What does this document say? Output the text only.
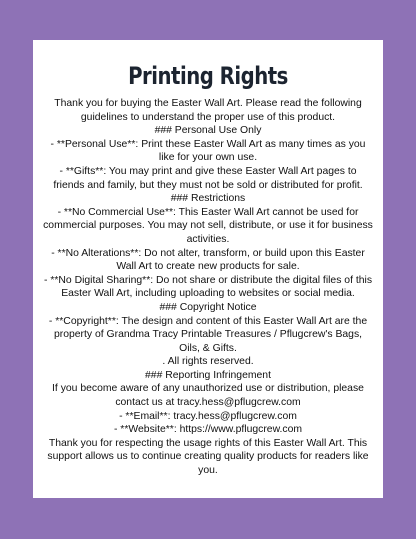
Printing Rights

Thank you for buying the Easter Wall Art. Please read the following guidelines to understand the proper use of this product.

### Personal Use Only

- **Personal Use**: Print these Easter Wall Art as many times as you like for your own use.

- **Gifts**: You may print and give these Easter Wall Art pages to friends and family, but they must not be sold or distributed for profit.

### Restrictions

- **No Commercial Use**: This Easter Wall Art cannot be used for commercial purposes. You may not sell, distribute, or use it for business activities.

- **No Alterations**: Do not alter, transform, or build upon this Easter Wall Art to create new products for sale.

- **No Digital Sharing**: Do not share or distribute the digital files of this Easter Wall Art, including uploading to websites or social media.

### Copyright Notice

- **Copyright**: The design and content of this Easter Wall Art are the property of Grandma Tracy Printable Treasures / Pflugcrew's Bags, Oils, & Gifts.

. All rights reserved.

### Reporting Infringement

If you become aware of any unauthorized use or distribution, please contact us at tracy.hess@pflugcrew.com

- **Email**: tracy.hess@pflugcrew.com

- **Website**: https://www.pflugcrew.com

Thank you for respecting the usage rights of this Easter Wall Art. This support allows us to continue creating quality products for readers like you.
